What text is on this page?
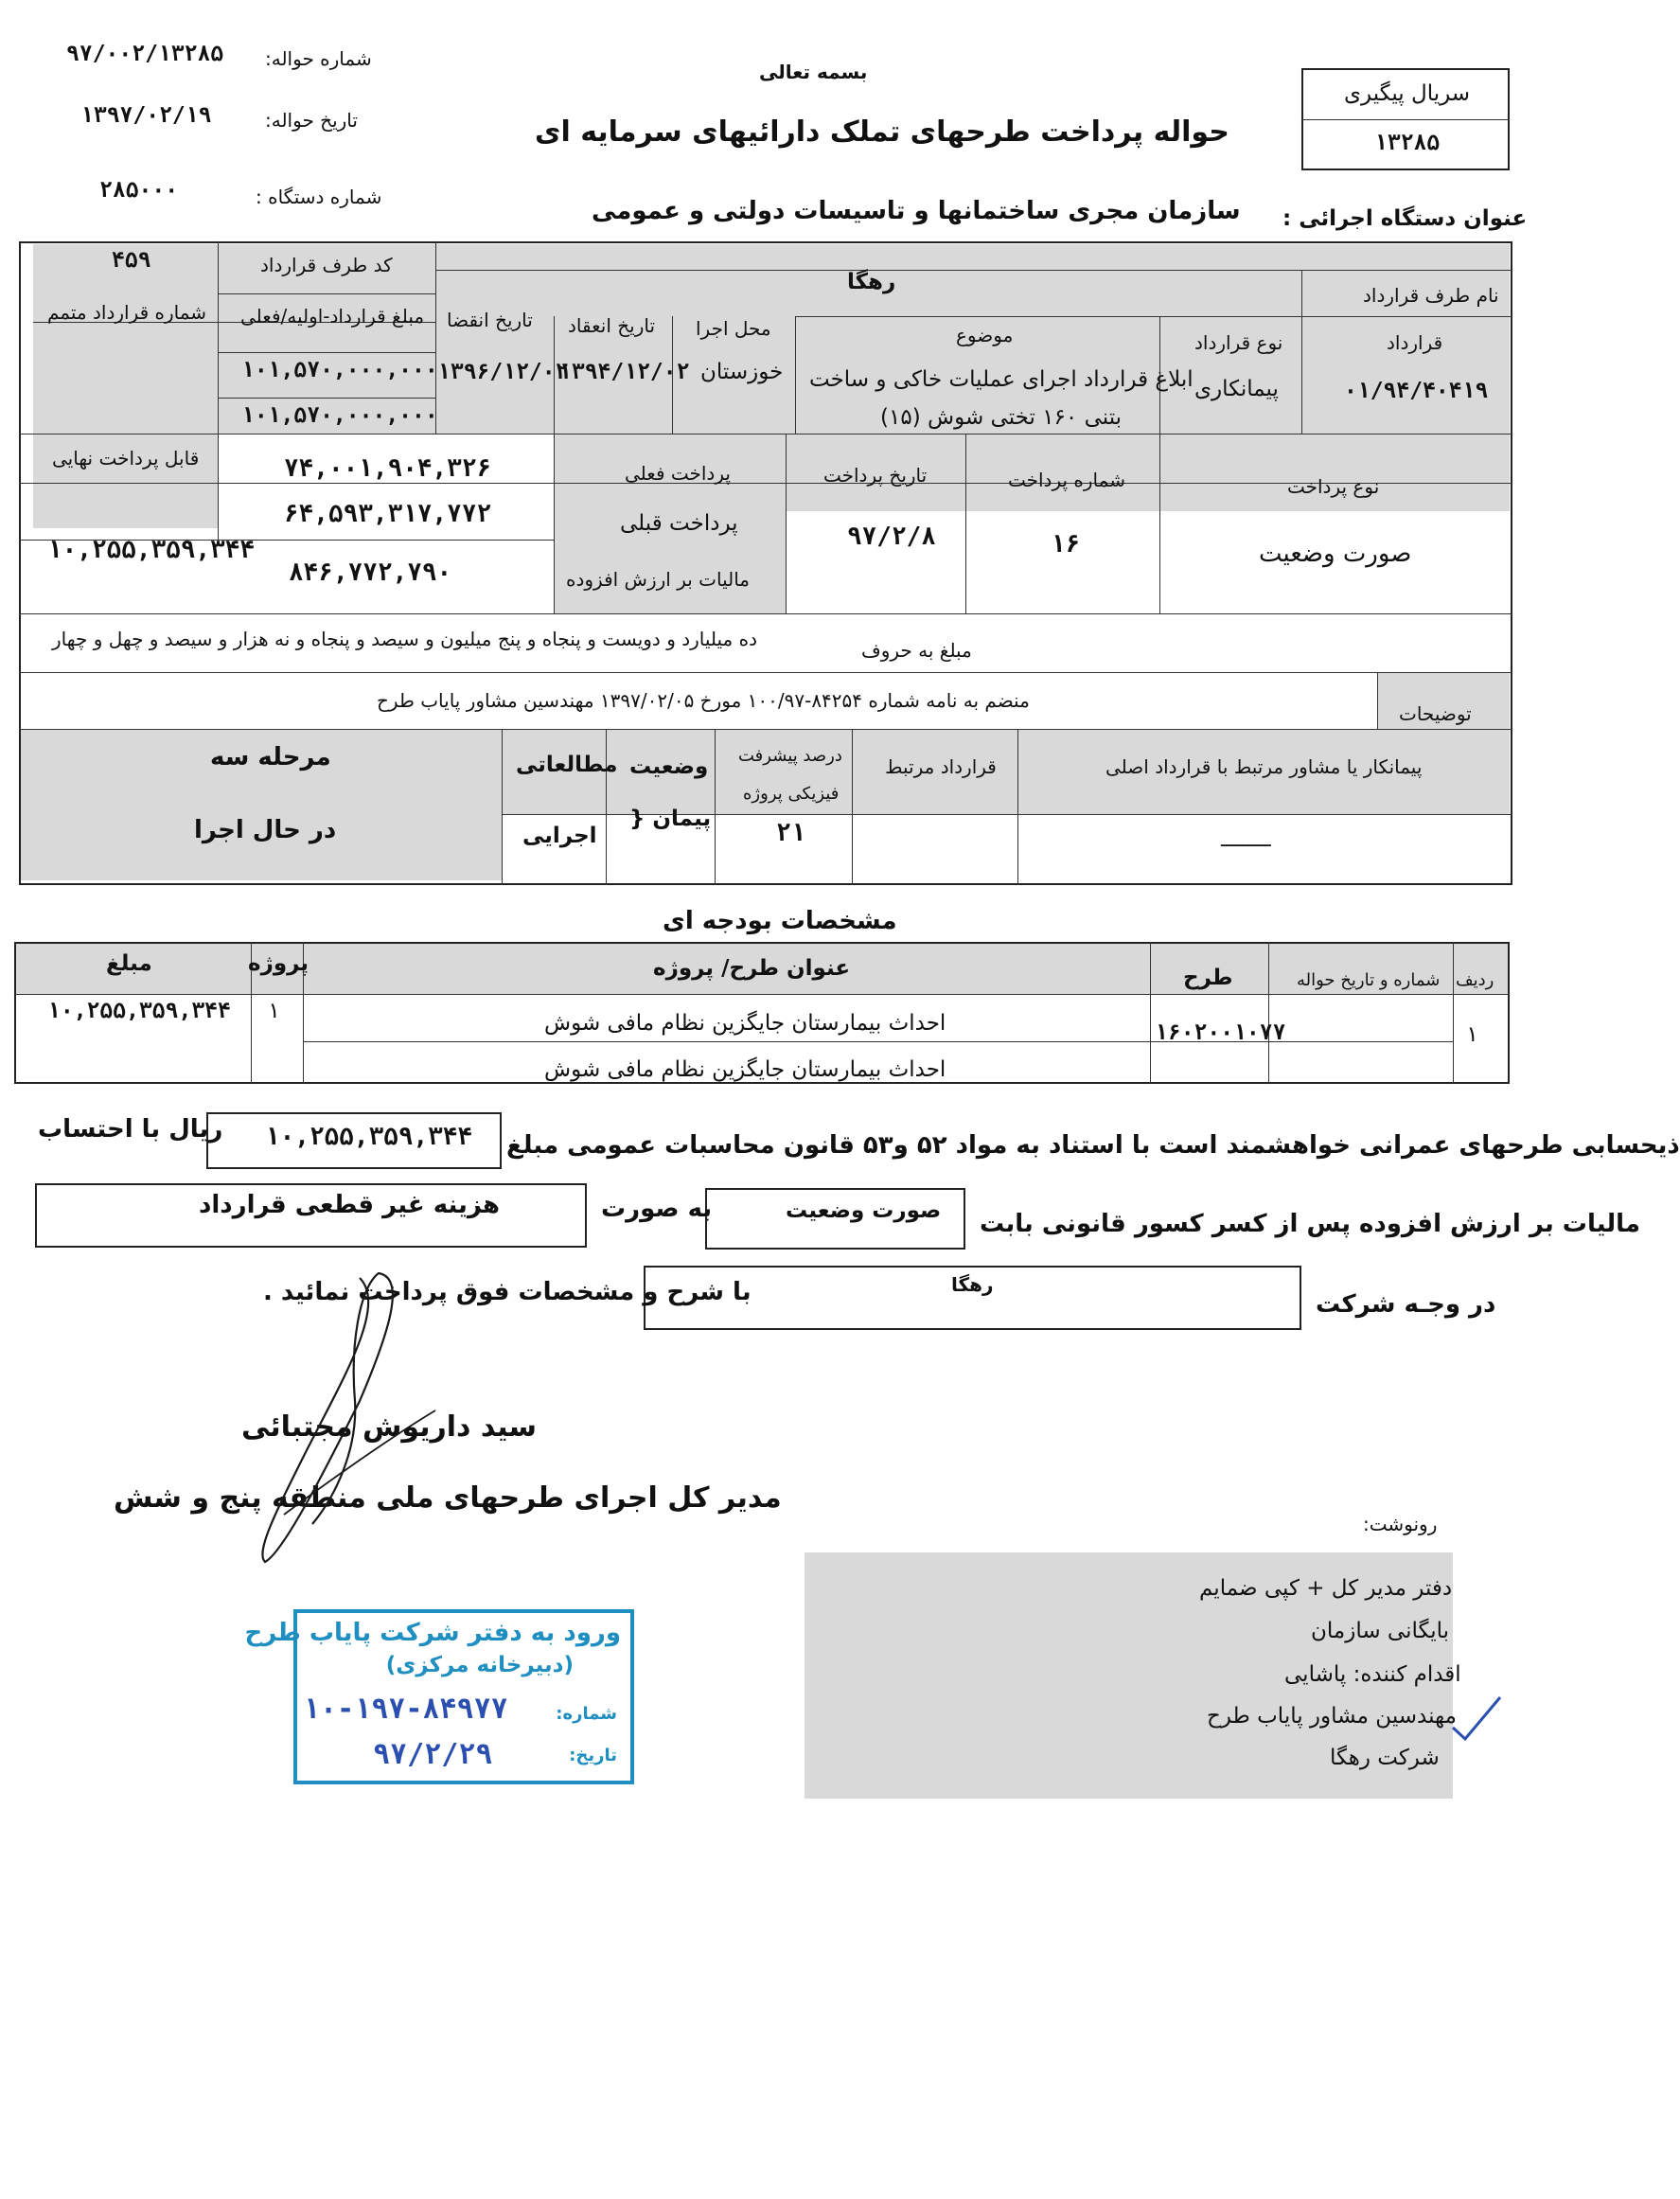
شماره حواله:
۹۷/۰۰۲/۱۳۲۸۵
تاریخ حواله:
۱۳۹۷/۰۲/۱۹
شماره دستگاه :
۲۸۵۰۰۰
بسمه تعالی
حواله پرداخت طرحهای تملک دارائیهای سرمایه ای
سازمان مجری ساختمانها و تاسیسات دولتی و عمومی عنوان دستگاه اجرائی :
سریال پیگیری
۱۳۲۸۵
نام طرف قرارداد
رهگا
کد طرف قرارداد
۴۵۹
شماره قرارداد متمم
قرارداد
۰۱/۹۴/۴۰۴۱۹
نوع قرارداد
پیمانکاری
موضوع
ابلاغ قرارداد اجرای عملیات خاکی و ساخت
بتنی ۱۶۰ تختی شوش (۱۵)
محل اجرا
خوزستان
تاریخ انعقاد
۱۳۹۴/۱۲/۰۲
تاریخ انقضا
۱۳۹۶/۱۲/۰۲
مبلغ قرارداد-اولیه/فعلی
۱۰۱,۵۷۰,۰۰۰,۰۰۰
۱۰۱,۵۷۰,۰۰۰,۰۰۰
نوع پرداخت
صورت وضعیت
شماره پرداخت
۱۶
تاریخ پرداخت
۹۷/۲/۸
پرداخت فعلی
۷۴,۰۰۱,۹۰۴,۳۲۶
پرداخت قبلی
۶۴,۵۹۳,۳۱۷,۷۷۲
مالیات بر ارزش افزوده
۸۴۶,۷۷۲,۷۹۰
قابل پرداخت نهایی
۱۰,۲۵۵,۳۵۹,۳۴۴
مبلغ به حروف
ده میلیارد و دویست و پنجاه و پنج میلیون و سیصد و پنجاه و نه هزار و سیصد و چهل و چهار
توضیحات
منضم به نامه شماره ۸۴۲۵۴-۱۰۰/۹۷ مورخ ۱۳۹۷/۰۲/۰۵ مهندسین مشاور پایاب طرح
پیمانکار یا مشاور مرتبط با قرارداد اصلی
ـــــــــ
قرارداد مرتبط
درصد پیشرفت
فیزیکی پروژه
۲۱
وضعیت
پیمان {
مطالعاتی
اجرایی
مرحله سه
در حال اجرا
مشخصات بودجه ای
ردیف
شماره و تاریخ حواله
طرح
عنوان طرح/ پروژه
پروژه
مبلغ
۱
۱۶۰۲۰۰۱۰۷۷
احداث بیمارستان جایگزین نظام مافی شوش
احداث بیمارستان جایگزین نظام مافی شوش
۱
۱۰,۲۵۵,۳۵۹,۳۴۴
ذیحسابی طرحهای عمرانی خواهشمند است با استناد به مواد ۵۲ و۵۳ قانون محاسبات عمومی مبلغ
۱۰,۲۵۵,۳۵۹,۳۴۴
ریال با احتساب
مالیات بر ارزش افزوده پس از کسر کسور قانونی بابت
صورت وضعیت
به صورت
هزینه غیر قطعی قرارداد
در وجـه شرکت
رهگا
با شرح و مشخصات فوق پرداخت نمائید .
سید داریوش مجتبائی
مدیر کل اجرای طرحهای ملی منطقه پنج و شش
رونوشت:
دفتر مدیر کل + کپی ضمایم
بایگانی سازمان
اقدام کننده: پاشایی
مهندسین مشاور پایاب طرح
شرکت رهگا
ورود به دفتر شرکت پایاب طرح
(دبیرخانه مرکزی)
شماره:
۱۰-۱۹۷-۸۴۹۷۷
تاریخ:
۹۷/۲/۲۹
